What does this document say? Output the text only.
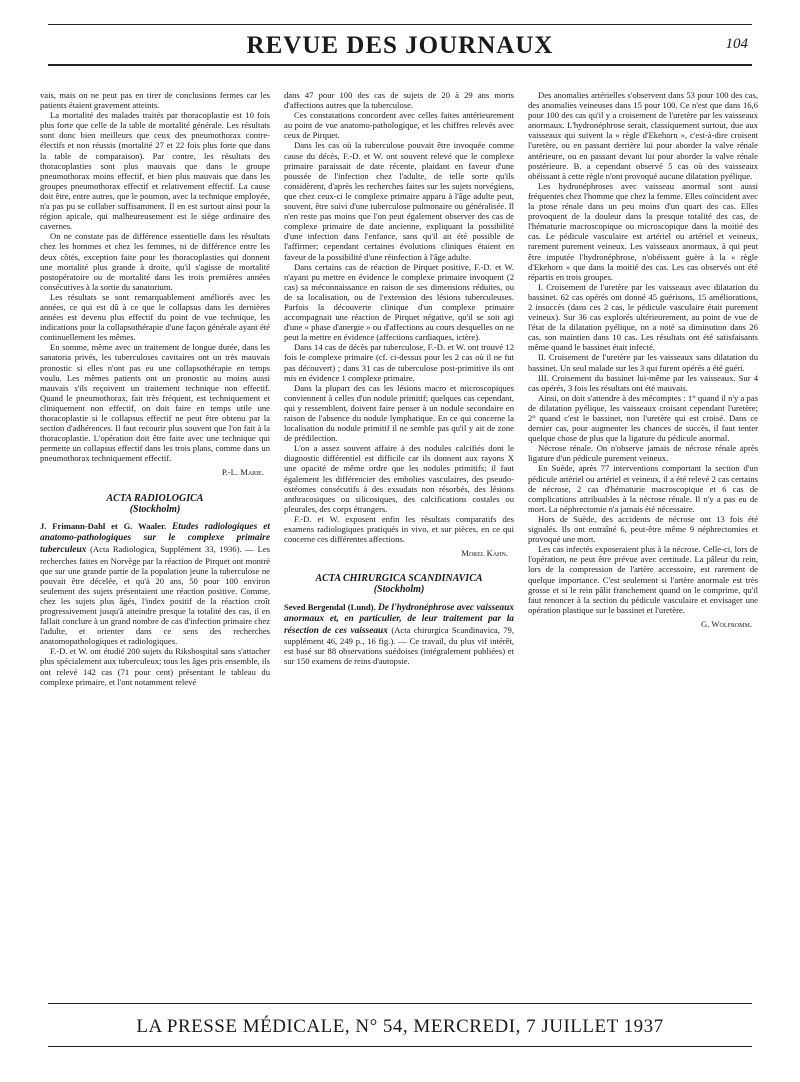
REVUE DES JOURNAUX	104

vais, mais on ne peut pas en tirer de conclusions fermes car les patients étaient gravement atteints.

La mortalité des malades traités par thoracoplastie est 10 fois plus forte que celle de la table de mortalité générale. Les résultats sont donc bien meilleurs que ceux des pneumothorax contre-électifs et non réussis (mortalité 27 et 22 fois plus forte que dans la table de comparaison). Par contre, les résultats des thoracoplasties sont plus mauvais que dans le groupe pneumothorax moins effectif, et bien plus mauvais que dans les groupes pneumothorax effectif et relativement effectif. La cause doit être, entre autres, que le poumon, avec la technique employée, n'a pas pu se collaber suffisamment. Il en est surtout ainsi pour la région apicale, qui malheureusement est le siège ordinaire des cavernes.

On ne constate pas de différence essentielle dans les résultats chez les hommes et chez les femmes, ni de différence entre les deux côtés, exception faite pour les thoracoplasties qui donnent une mortalité plus grande à droite, qu'il s'agisse de mortalité postopératoire ou de mortalité dans les trois premières années consécutives à la sortie du sanatorium.

Les résultats se sont remarquablement améliorés avec les années, ce qui est dû à ce que le collapsus dans les dernières années est devenu plus effectif du point de vue technique, les indications pour la collapsothérapie d'une façon générale ayant été continuellement les mêmes.

En somme, même avec un traitement de longue durée, dans les sanatoria privés, les tuberculoses cavitaires ont un très mauvais pronostic si elles n'ont pas eu une collapsothérapie en temps voulu. Les mêmes patients ont un pronostic au moins aussi mauvais s'ils reçoivent un traitement technique non effectif. Quand le pneumothorax, fait très fréquent, est techniquement et cliniquement non effectif, on doit faire en temps utile une thoracoplastie si le collapsus effectif ne peut être obtenu par la section d'adhérences. Il faut recourir plus souvent que l'on fait à la thoracoplastie. L'opération doit être faite avec une technique qui permette un collapsus effectif dans les trois plans, comme dans un pneumothorax techniquement effectif.

P.-L. Marie.
ACTA RADIOLOGICA
(Stockholm)

J. Frimann-Dahl et G. Waaler. Etudes radiologiques et anatomo-pathologiques sur le complexe primaire tuberculeux (Acta Radiologica, Supplément 33, 1936). — Les recherches faites en Norvège par la réaction de Pirquet ont montré que sur une grande partie de la population jeune la tuberculose ne pouvait être décelée, et qu'à 20 ans, 50 pour 100 environ seulement des sujets présentaient une réaction positive. Comme, chez les sujets plus âgés, l'index positif de la réaction croît progressivement jusqu'à atteindre presque la totalité des cas, il en fallait conclure à un grand nombre de cas d'infection primaire chez l'adulte, et orienter dans ce sens des recherches anatomopathologiques et radiologiques.

F.-D. et W. ont étudié 200 sujets du Rikshospital sans s'attacher plus spécialement aux tuberculeux; tous les âges pris ensemble, ils ont relevé 142 cas (71 pour cent) présentant le tableau du complexe primaire, et l'ont notamment relevé

dans 47 pour 100 des cas de sujets de 20 à 29 ans morts d'affections autres que la tuberculose.

Ces constatations concordent avec celles faites antérieurement au point de vue anatomo-pathologique, et les chiffres relevés avec ceux de Pirquet.

Dans les cas où la tuberculose pouvait être invoquée comme cause du décès, F.-D. et W. ont souvent relevé que le complexe primaire paraissait de date récente, plaidant en faveur d'une poussée de l'infection chez l'adulte, de telle sorte qu'ils considèrent, d'après les recherches faites sur les sujets norvégiens, que chez ceux-ci le complexe primaire apparu à l'âge adulte peut, souvent, être suivi d'une tuberculose pulmonaire ou généralisée. Il n'en reste pas moins que l'on peut également observer des cas de complexe primaire de date ancienne, expliquant la possibilité d'une infection dans l'enfance, sans qu'il ait été possible de l'affirmer; cependant certaines évolutions cliniques étaient en faveur de la possibilité d'une réinfection à l'âge adulte.

Dans certains cas de réaction de Pirquet positive, F.-D. et W. n'ayant pu mettre en évidence le complexe primaire invoquent (2 cas) sa méconnaissance en raison de ses dimensions réduites, ou de sa localisation, ou de l'extension des lésions tuberculeuses. Parfois la découverte clinique d'un complexe primaire accompagnait une réaction de Pirquet négative, qu'il se soit agi d'une « phase d'anergie » ou d'affections au cours desquelles on ne peut la mettre en évidence (affections cardiaques, ictère).

Dans 14 cas de décès par tuberculose, F.-D. et W. ont trouvé 12 fois le complexe primaire (cf. ci-dessus pour les 2 cas où il ne fut pas découvert) ; dans 31 cas de tuberculose post-primitive ils ont mis en évidence 1 complexe primaire.

Dans la plupart des cas les lésions macro et microscopiques conviennent à celles d'un nodule primitif; quelques cas cependant, qui y ressemblent, doivent faire penser à un nodule secondaire en raison de l'absence du nodule lymphatique. En ce qui concerne la localisation du nodule primitif il ne semble pas qu'il y ait de zone de prédilection.

L'on a assez souvent affaire à des nodules calcifiés dont le diagnostic différentiel est difficile car ils donnent aux rayons X une opacité de même ordre que les nodules primitifs; il faut également les différencier des embolies vasculaires, des pseudo-ostéomes consécutifs à des exsudats non résorbés, des lésions anthracosiques ou silicosiques, des calcifications costales ou pleurales, des corps étrangers.

F.-D. et W. exposent enfin les résultats comparatifs des examens radiologiques pratiqués in vivo, et sur pièces, en ce qui concerne ces différentes affections.

Morel Kahn.
ACTA CHIRURGICA SCANDINAVICA
(Stockholm)

Seved Bergendal (Lund). De l'hydronéphrose avec vaisseaux anormaux et, en particulier, de leur traitement par la résection de ces vaisseaux (Acta chirurgica Scandinavica, 79, supplément 46, 249 p., 16 fig.). — Ce travail, du plus vif intérêt, est basé sur 88 observations suédoises (intégralement publiées) et sur 150 examens de reins d'autopsie.

Des anomalies artérielles s'observent dans 53 pour 100 des cas, des anomalies veineuses dans 15 pour 100. Ce n'est que dans 16,6 pour 100 des cas qu'il y a croisement de l'uretère par les vaisseaux anormaux. L'hydronéphrose serait, classiquement surtout, due aux vaisseaux qui suivent la « règle d'Ekehorn », c'est-à-dire croisent l'uretère, ou en passant derrière lui pour aborder la valve rénale antérieure, ou en passant devant lui pour aborder la valve rénale postérieure. B. a cependant observé 5 cas où des vaisseaux obéissant à cette règle n'ont provoqué aucune dilatation pyélique.

Les hydronéphroses avec vaisseau anormal sont aussi fréquentes chez l'homme que chez la femme. Elles coïncident avec la ptose rénale dans un peu moins d'un quart des cas. Elles provoquent de la douleur dans la presque totalité des cas, de l'hématurie macroscopique ou microscopique dans la moitié des cas. Le pédicule vasculaire est artériel ou artériel et veineux, rarement purement veineux. Les vaisseaux anormaux, à qui peut être imputée l'hydronéphrose, n'obéissent guère à la « règle d'Ekehorn » que dans la moitié des cas. Les cas observés ont été répartis en trois groupes.

I. Croisement de l'uretère par les vaisseaux avec dilatation du bassinet. 62 cas opérés ont donné 45 guérisons, 15 améliorations, 2 insuccès (dans ces 2 cas, le pédicule vasculaire était purement veineux). Sur 36 cas explorés ultérieurement, au point de vue de l'état de la dilatation pyélique, on a noté sa diminution dans 26 cas, son maintien dans 10 cas. Les résultats ont été satisfaisants même quand le bassinet était infecté.

II. Croisement de l'uretère par les vaisseaux sans dilatation du bassinet. Un seul malade sur les 3 qui furent opérés a été guéri.

III. Croisement du bassinet lui-même par les vaisseaux. Sur 4 cas opérés, 3 fois les résultats ont été mauvais.

Ainsi, on doit s'attendre à des mécomptes : 1° quand il n'y a pas de dilatation pyélique, les vaisseaux croisant cependant l'uretère; 2° quand c'est le bassinet, non l'uretère qui est croisé. Dans ce dernier cas, pour augmenter les chances de succès, il faut tenter quelque chose de plus que la ligature du pédicule anormal.

Nécrose rénale. On n'observe jamais de nécrose rénale après ligature d'un pédicule purement veineux.

En Suède, après 77 interventions comportant la section d'un pédicule artériel ou artériel et veineux, il a été relevé 2 cas certains de nécrose, 2 cas d'hématurie macroscopique et 6 cas de complications attribuables à la nécrose rénale. Il n'y a pas eu de mort. La néphrectomie n'a jamais été nécessaire.

Hors de Suède, des accidents de nécrose ont 13 fois été signalés. Ils ont entraîné 6, peut-être même 9 néphrectomies et provoqué une mort.

Les cas infectés exposeraient plus à la nécrose. Celle-ci, lors de l'opération, ne peut être prévue avec certitude. La pâleur du rein, lors de la compression de l'artère accessoire, est rarement de quelque importance. C'est seulement si l'artère anormale est très grosse et si le rein pâlit franchement quand on le comprime, qu'il faut renoncer à la section du pédicule vasculaire et envisager une opération plastique sur le bassinet et l'uretère.

G. Wolfromm.
LA PRESSE MÉDICALE, N° 54, MERCREDI, 7 JUILLET 1937
